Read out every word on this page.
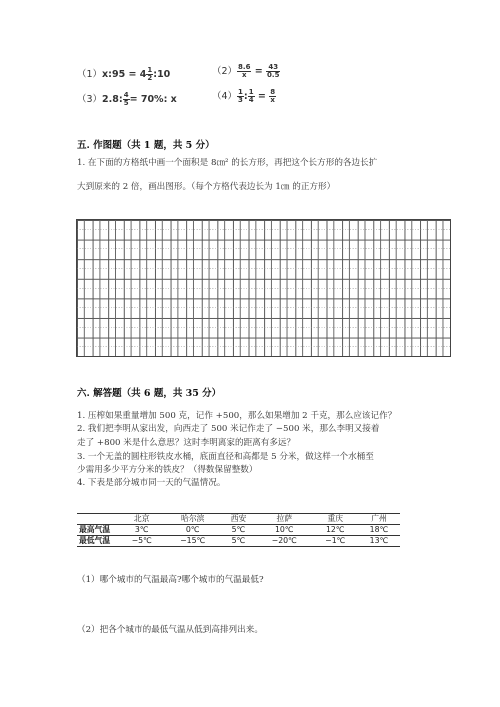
（1）x:95 = $4 \frac{1}{2}$ :10	$(2) \frac{8.6}{x} = \frac{43}{0.5}$
（3）2.8: $\frac{4}{5} = 70\%$: x	$(4) \frac{1}{3}$ : $\frac{1}{4} = \frac{8}{x}$
五. 作图题（共 1 题，共 5 分）
1. 在下面的方格纸中画一个面积是 8㎝² 的长方形，再把这个长方形的各边长扩
大到原来的 2 倍，画出图形。（每个方格代表边长为 1㎝ 的正方形）
六. 解答题（共 6 题，共 35 分）
1. 压榨如果重量增加 500 克，记作 +500，那么如果增加 2 千克，那么应该记作？
2. 我们把李明从家出发，向西走了 500 米记作走了 −500 米，那么李明又接着
走了 +800 米是什么意思？这时李明离家的距离有多远？
3. 一个无盖的圆柱形铁皮水桶，底面直径和高都是 5 分米，做这样一个水桶至
少需用多少平方分米的铁皮？（得数保留整数）
4. 下表是部分城市同一天的气温情况。
	北京	哈尔滨	西安	拉萨	重庆	广州
最高气温	3℃	0℃	5℃	10℃	12℃	18℃
最低气温	−5℃	−15℃	5℃	−20℃	−1℃	13℃
（1）哪个城市的气温最高?哪个城市的气温最低?
（2）把各个城市的最低气温从低到高排列出来。
